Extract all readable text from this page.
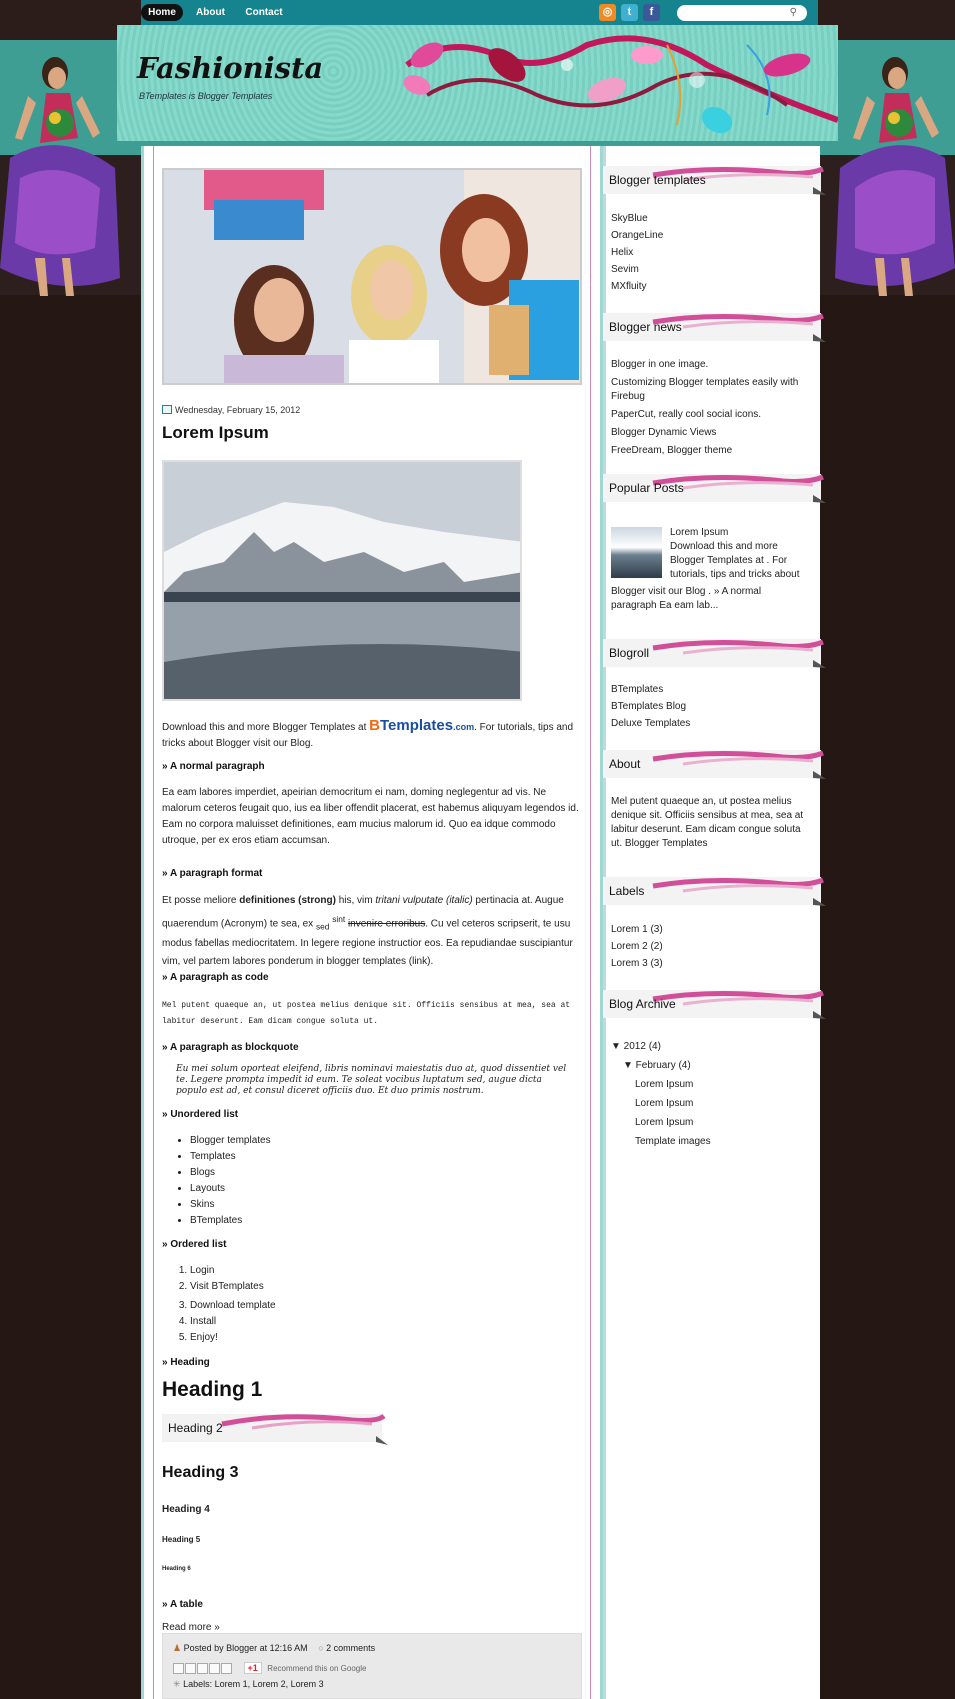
Home	About	Contact	◎	t	f	⚲
Fashionista
BTemplates is Blogger Templates
Wednesday, February 15, 2012
Lorem Ipsum
Download this and more Blogger Templates at BTemplates.com. For tutorials, tips and tricks about Blogger visit our Blog.
» A normal paragraph
Ea eam labores imperdiet, apeirian democritum ei nam, doming neglegentur ad vis. Ne malorum ceteros feugait quo, ius ea liber offendit placerat, est habemus aliquyam legendos id. Eam no corpora maluisset definitiones, eam mucius malorum id. Quo ea idque commodo utroque, per ex eros etiam accumsan.
» A paragraph format
Et posse meliore definitiones (strong) his, vim tritani vulputate (italic) pertinacia at. Augue quaerendum (Acronym) te sea, ex $_{sed}$ $^{sint}$ invenire erroribus. Cu vel ceteros scripserit, te usu modus fabellas mediocritatem. In legere regione instructior eos. Ea repudiandae suscipiantur vim, vel partem labores ponderum in blogger templates (link).
» A paragraph as code
Mel putent quaeque an, ut postea melius denique sit. Officiis sensibus at mea, sea at labitur deserunt. Eam dicam congue soluta ut.
» A paragraph as blockquote
Eu mei solum oporteat eleifend, libris nominavi maiestatis duo at, quod dissentiet vel te. Legere prompta impedit id eum. Te soleat vocibus luptatum sed, augue dicta populo est ad, et consul diceret officiis duo. Et duo primis nostrum.
» Unordered list
• Blogger templates
• Templates
• Blogs
• Layouts
• Skins
• BTemplates
» Ordered list
1. Login
2. Visit BTemplates
3. Download template
4. Install
5. Enjoy!
» Heading
Heading 1
Heading 2
Heading 3
Heading 4
Heading 5
Heading 6
» A table
Read more »
♟ Posted by Blogger at 12:16 AM ○ 2 comments
+1 Recommend this on Google
✳ Labels: Lorem 1, Lorem 2, Lorem 3
Blogger templates
SkyBlue
OrangeLine
Helix
Sevim
MXfluity
Blogger news
Blogger in one image.
Customizing Blogger templates easily with Firebug
PaperCut, really cool social icons.
Blogger Dynamic Views
FreeDream, Blogger theme
Popular Posts
Lorem Ipsum
Download this and more Blogger Templates at . For tutorials, tips and tricks about
Blogger visit our Blog . » A normal paragraph Ea eam lab...
Blogroll
BTemplates
BTemplates Blog
Deluxe Templates
About
Mel putent quaeque an, ut postea melius denique sit. Officiis sensibus at mea, sea at labitur deserunt. Eam dicam congue soluta ut. Blogger Templates
Labels
Lorem 1 (3)
Lorem 2 (2)
Lorem 3 (3)
Blog Archive
▼ 2012 (4)
▼ February (4)
Lorem Ipsum
Lorem Ipsum
Lorem Ipsum
Template images
